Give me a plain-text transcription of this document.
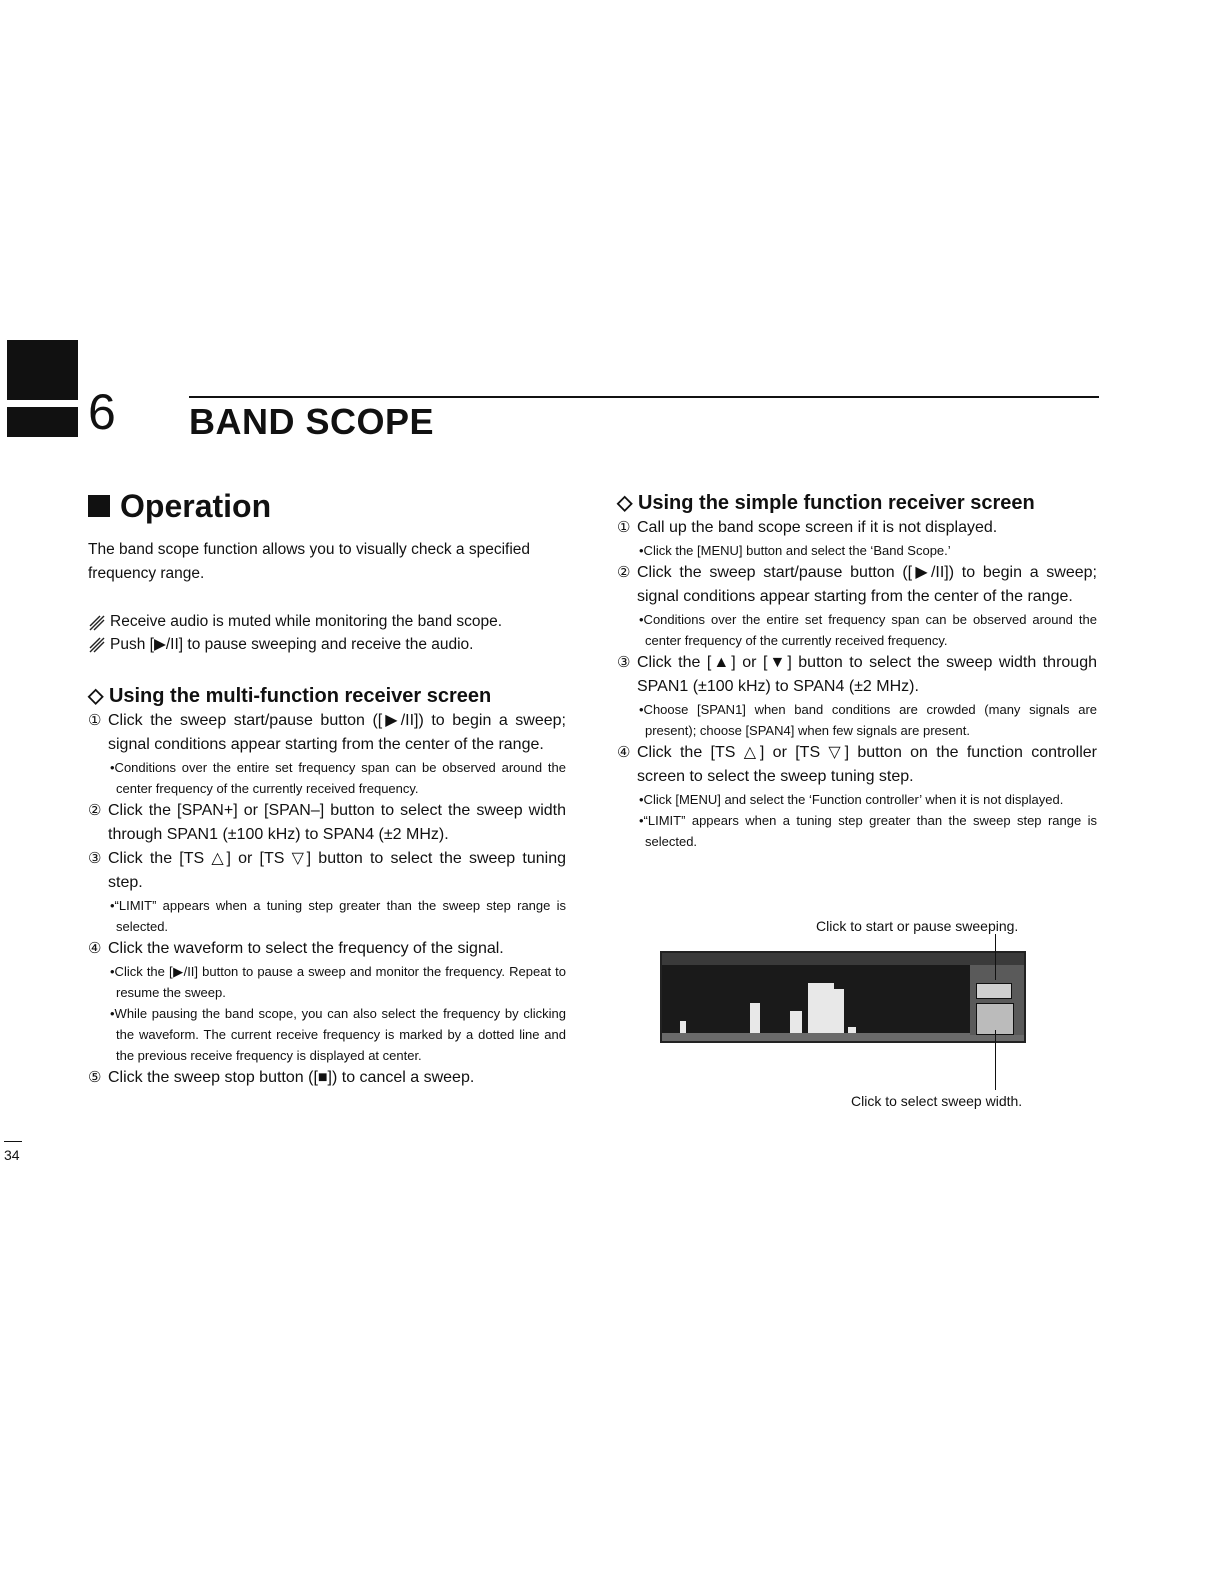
6 BAND SCOPE
Operation
The band scope function allows you to visually check a specified frequency range.
Receive audio is muted while monitoring the band scope.
Push [▶/II] to pause sweeping and receive the audio.
◇ Using the multi-function receiver screen
① Click the sweep start/pause button ([▶/II]) to begin a sweep; signal conditions appear starting from the center of the range.
•Conditions over the entire set frequency span can be observed around the center frequency of the currently received frequency.
② Click the [SPAN+] or [SPAN–] button to select the sweep width through SPAN1 (±100 kHz) to SPAN4 (±2 MHz).
③ Click the [TS △] or [TS ▽] button to select the sweep tuning step.
•“LIMIT” appears when a tuning step greater than the sweep step range is selected.
④ Click the waveform to select the frequency of the signal.
•Click the [▶/II] button to pause a sweep and monitor the frequency. Repeat to resume the sweep.
•While pausing the band scope, you can also select the frequency by clicking the waveform. The current receive frequency is marked by a dotted line and the previous receive frequency is displayed at center.
⑤ Click the sweep stop button ([■]) to cancel a sweep.
◇ Using the simple function receiver screen
① Call up the band scope screen if it is not displayed.
•Click the [MENU] button and select the ‘Band Scope.’
② Click the sweep start/pause button ([▶/II]) to begin a sweep; signal conditions appear starting from the center of the range.
•Conditions over the entire set frequency span can be observed around the center frequency of the currently received frequency.
③ Click the [▲] or [▼] button to select the sweep width through SPAN1 (±100 kHz) to SPAN4 (±2 MHz).
•Choose [SPAN1] when band conditions are crowded (many signals are present); choose [SPAN4] when few signals are present.
④ Click the [TS △] or [TS ▽] button on the function controller screen to select the sweep tuning step.
•Click [MENU] and select the ‘Function controller’ when it is not displayed.
•“LIMIT” appears when a tuning step greater than the sweep step range is selected.
Click to start or pause sweeping.
Click to select sweep width.
34
